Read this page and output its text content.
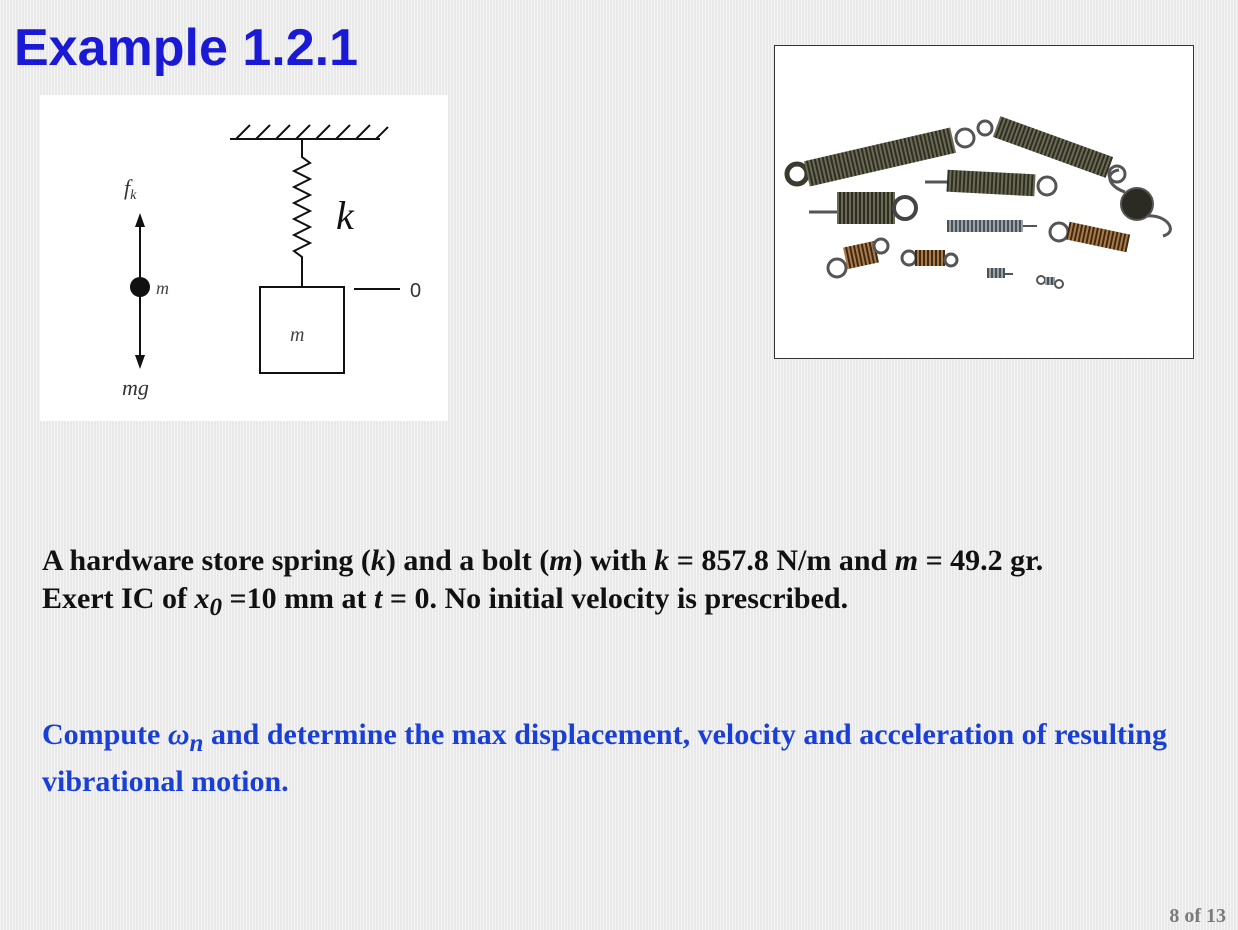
Example 1.2.1
fk
m
mg
k
m
0

A hardware store spring (k) and a bolt (m) with k = 857.8 N/m and m = 49.2 gr.
Exert IC of $x_0 =10$ mm at t = 0. No initial velocity is prescribed.

Compute $\omega_n$ and determine the max displacement, velocity and acceleration of resulting vibrational motion.

8 of 13
